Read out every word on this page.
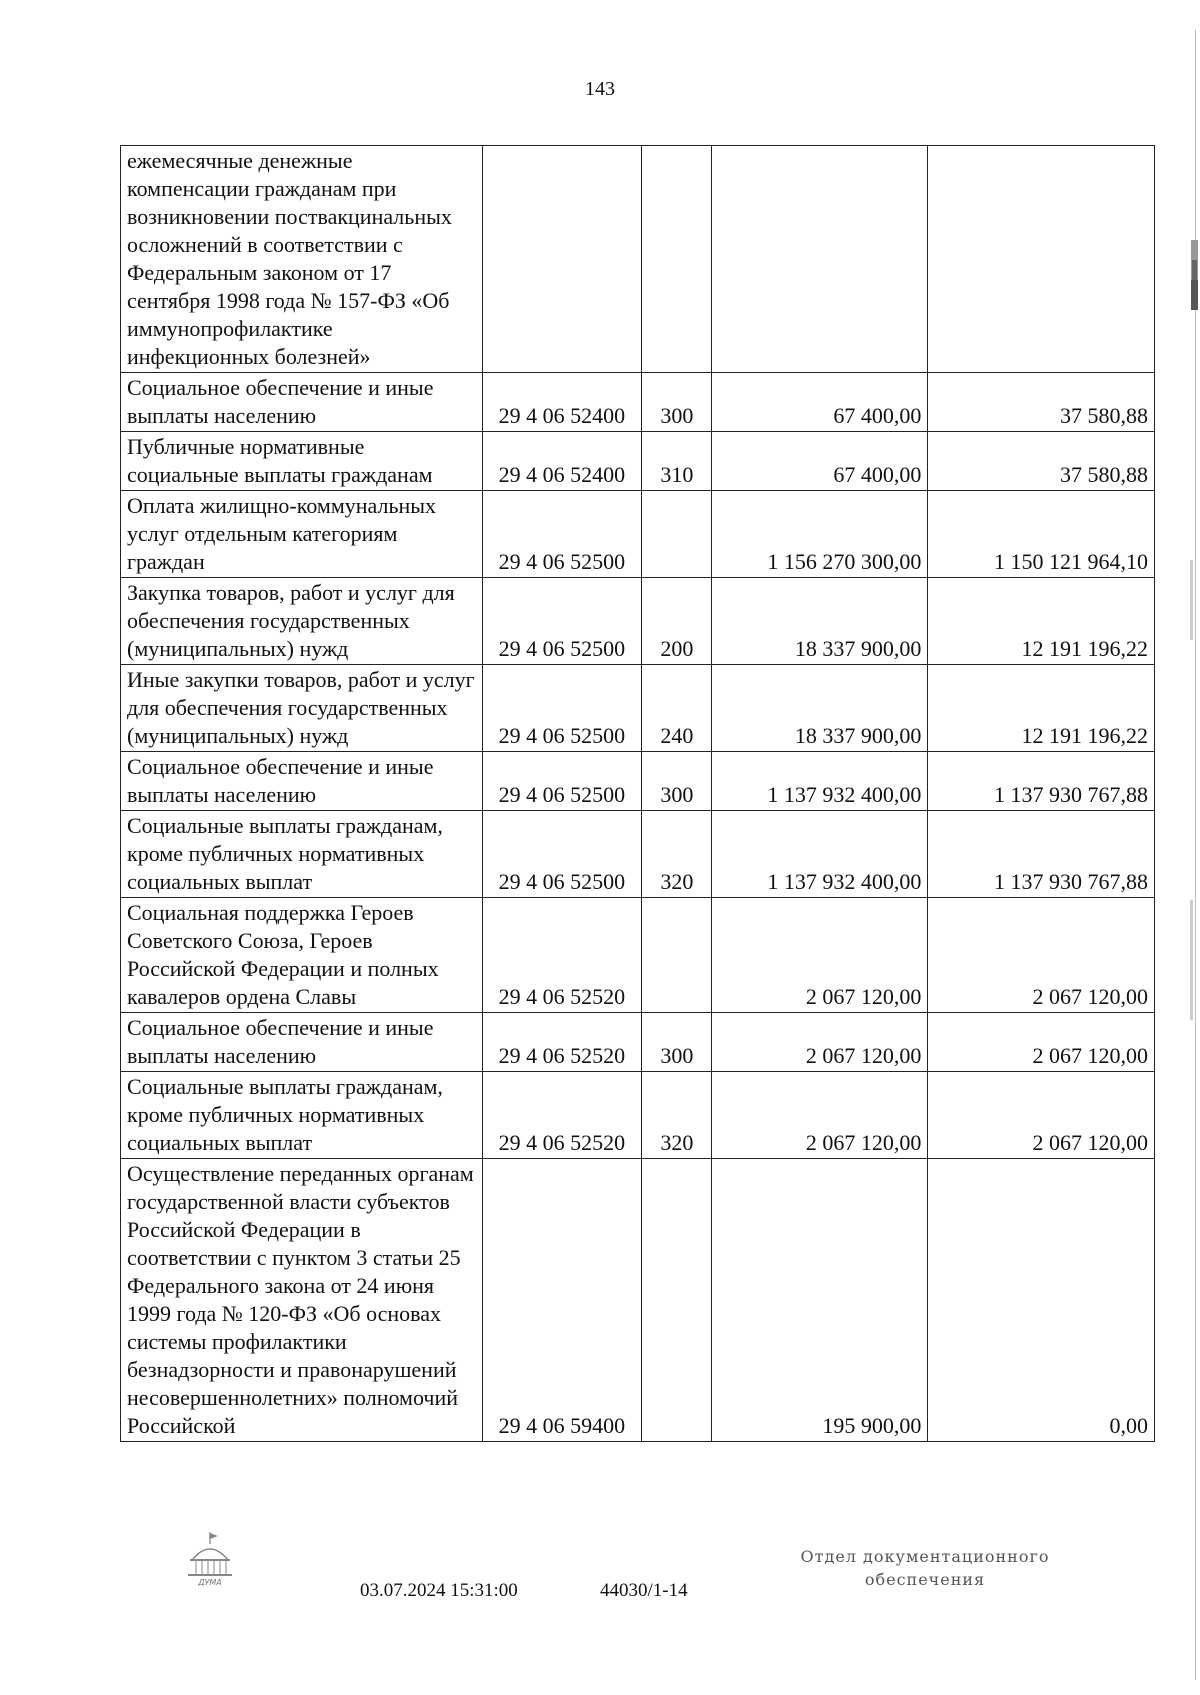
143
ежемесячные денежные компенсации гражданам при возникновении поствакцинальных осложнений в соответствии с Федеральным законом от 17 сентября 1998 года № 157-ФЗ «Об иммунопрофилактике инфекционных болезней»				
Социальное обеспечение и иные выплаты населению	29 4 06 52400	300	67 400,00	37 580,88
Публичные нормативные социальные выплаты гражданам	29 4 06 52400	310	67 400,00	37 580,88
Оплата жилищно-коммунальных услуг отдельным категориям граждан	29 4 06 52500		1 156 270 300,00	1 150 121 964,10
Закупка товаров, работ и услуг для обеспечения государственных (муниципальных) нужд	29 4 06 52500	200	18 337 900,00	12 191 196,22
Иные закупки товаров, работ и услуг для обеспечения государственных (муниципальных) нужд	29 4 06 52500	240	18 337 900,00	12 191 196,22
Социальное обеспечение и иные выплаты населению	29 4 06 52500	300	1 137 932 400,00	1 137 930 767,88
Социальные выплаты гражданам, кроме публичных нормативных социальных выплат	29 4 06 52500	320	1 137 932 400,00	1 137 930 767,88
Социальная поддержка Героев Советского Союза, Героев Российской Федерации и полных кавалеров ордена Славы	29 4 06 52520		2 067 120,00	2 067 120,00
Социальное обеспечение и иные выплаты населению	29 4 06 52520	300	2 067 120,00	2 067 120,00
Социальные выплаты гражданам, кроме публичных нормативных социальных выплат	29 4 06 52520	320	2 067 120,00	2 067 120,00
Осуществление переданных органам государственной власти субъектов Российской Федерации в соответствии с пунктом 3 статьи 25 Федерального закона от 24 июня 1999 года № 120-ФЗ «Об основах системы профилактики безнадзорности и правонарушений несовершеннолетних» полномочий Российской	29 4 06 59400		195 900,00	0,00
ДУМА	03.07.2024 15:31:00	44030/1-14
Отдел документационного
обеспечения
